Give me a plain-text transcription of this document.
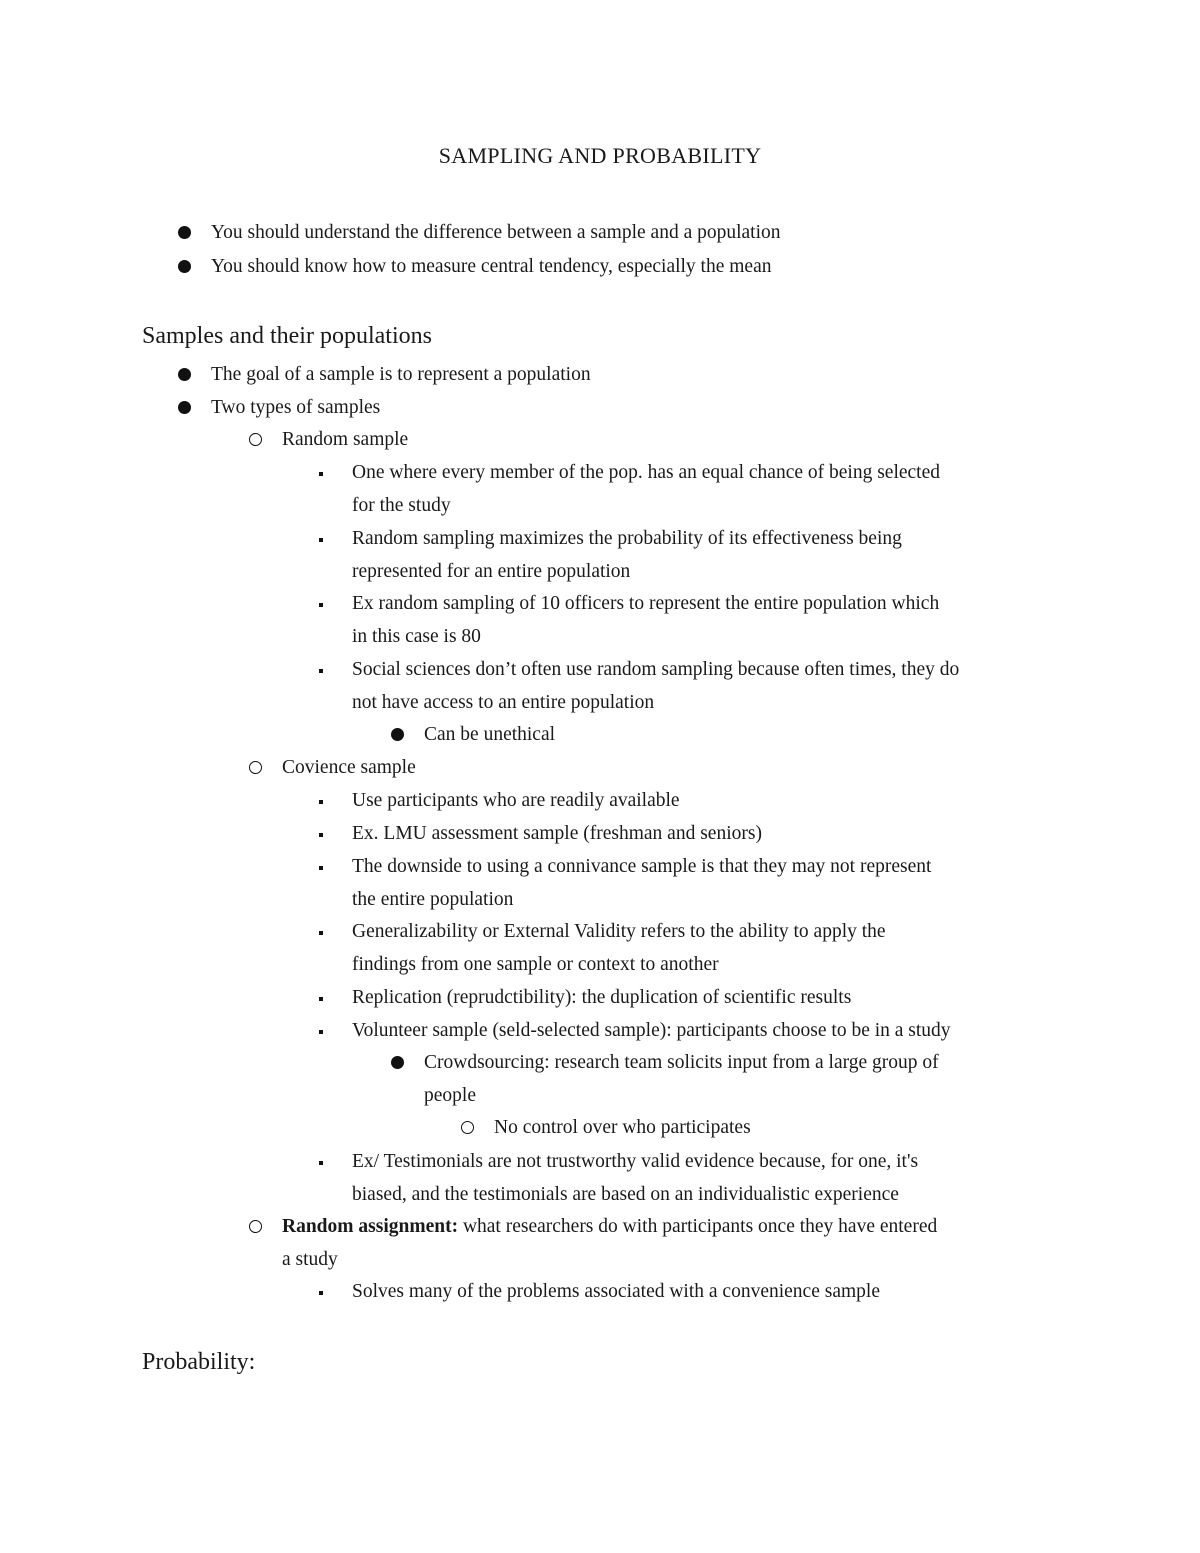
SAMPLING AND PROBABILITY
You should understand the difference between a sample and a population
You should know how to measure central tendency, especially the mean
Samples and their populations
The goal of a sample is to represent a population
Two types of samples
Random sample
One where every member of the pop. has an equal chance of being selected
for the study
Random sampling maximizes the probability of its effectiveness being
represented for an entire population
Ex random sampling of 10 officers to represent the entire population which
in this case is 80
Social sciences don’t often use random sampling because often times, they do
not have access to an entire population
Can be unethical
Covience sample
Use participants who are readily available
Ex. LMU assessment sample (freshman and seniors)
The downside to using a connivance sample is that they may not represent
the entire population
Generalizability or External Validity refers to the ability to apply the
findings from one sample or context to another
Replication (reprudctibility): the duplication of scientific results
Volunteer sample (seld-selected sample): participants choose to be in a study
Crowdsourcing: research team solicits input from a large group of
people
No control over who participates
Ex/ Testimonials are not trustworthy valid evidence because, for one, it's
biased, and the testimonials are based on an individualistic experience
Random assignment: what researchers do with participants once they have entered
a study
Solves many of the problems associated with a convenience sample
Probability:
